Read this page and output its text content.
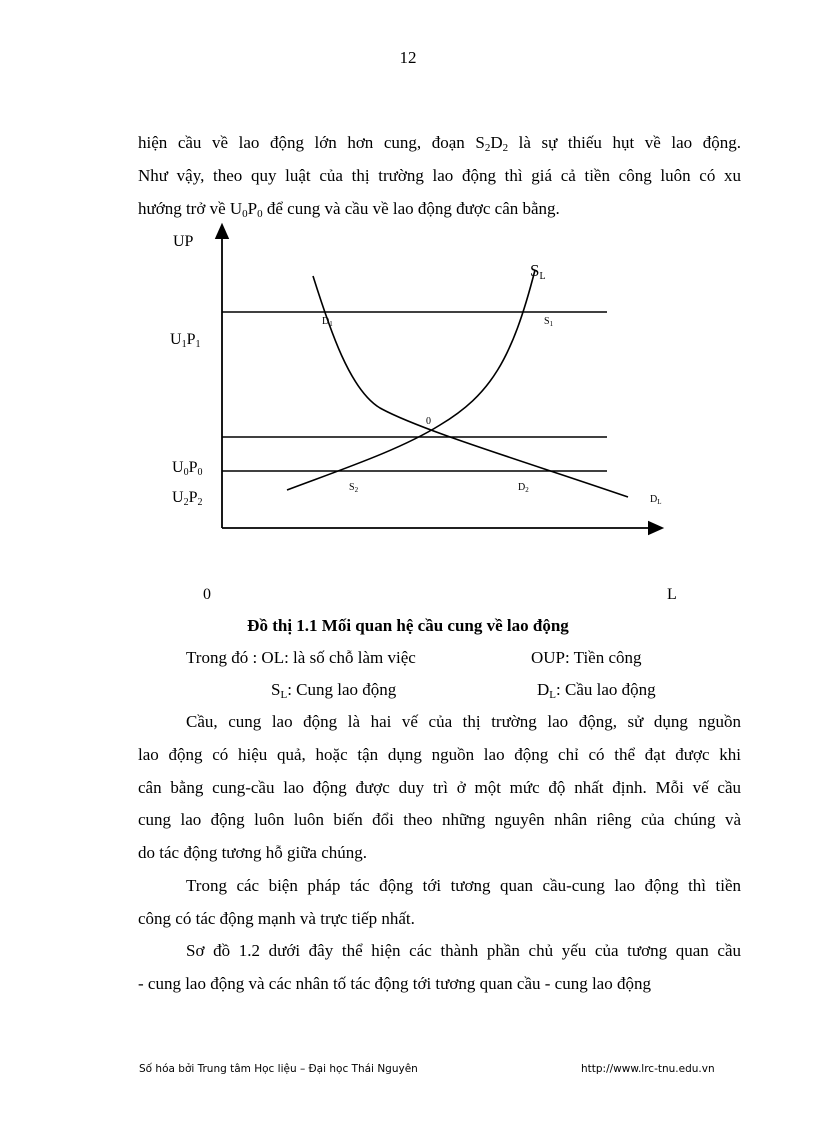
12
hiện cầu về lao động lớn hơn cung, đoạn $S_2D_2$ là sự thiếu hụt về lao động.
Như vậy, theo quy luật của thị trường lao động thì giá cả tiền công luôn có xu
hướng trở về $U_0P_0$ để cung và cầu về lao động được cân bằng.
UP
L
0
U1P1
U0P0
U2P2
SL
$D_L$
$D_1$	$S_1$
0
$S_2$	$D_2$
Đồ thị 1.1 Mối quan hệ cầu cung về lao động
Trong đó : OL: là số chỗ làm việc	OUP: Tiền công
$S_L$: Cung lao động	$D_L$: Cầu lao động
Cầu, cung lao động là hai vế của thị trường lao động, sử dụng nguồn
lao động có hiệu quả, hoặc tận dụng nguồn lao động chỉ có thể đạt được khi
cân bằng cung-cầu lao động được duy trì ở một mức độ nhất định. Mỗi vế cầu
cung lao động luôn luôn biến đổi theo những nguyên nhân riêng của chúng và
do tác động tương hỗ giữa chúng.
Trong các biện pháp tác động tới tương quan cầu-cung lao động thì tiền
công có tác động mạnh và trực tiếp nhất.
Sơ đồ 1.2 dưới đây thể hiện các thành phần chủ yếu của tương quan cầu
- cung lao động và các nhân tố tác động tới tương quan cầu - cung lao động
Số hóa bởi Trung tâm Học liệu – Đại học Thái Nguyên	http://www.lrc-tnu.edu.vn
